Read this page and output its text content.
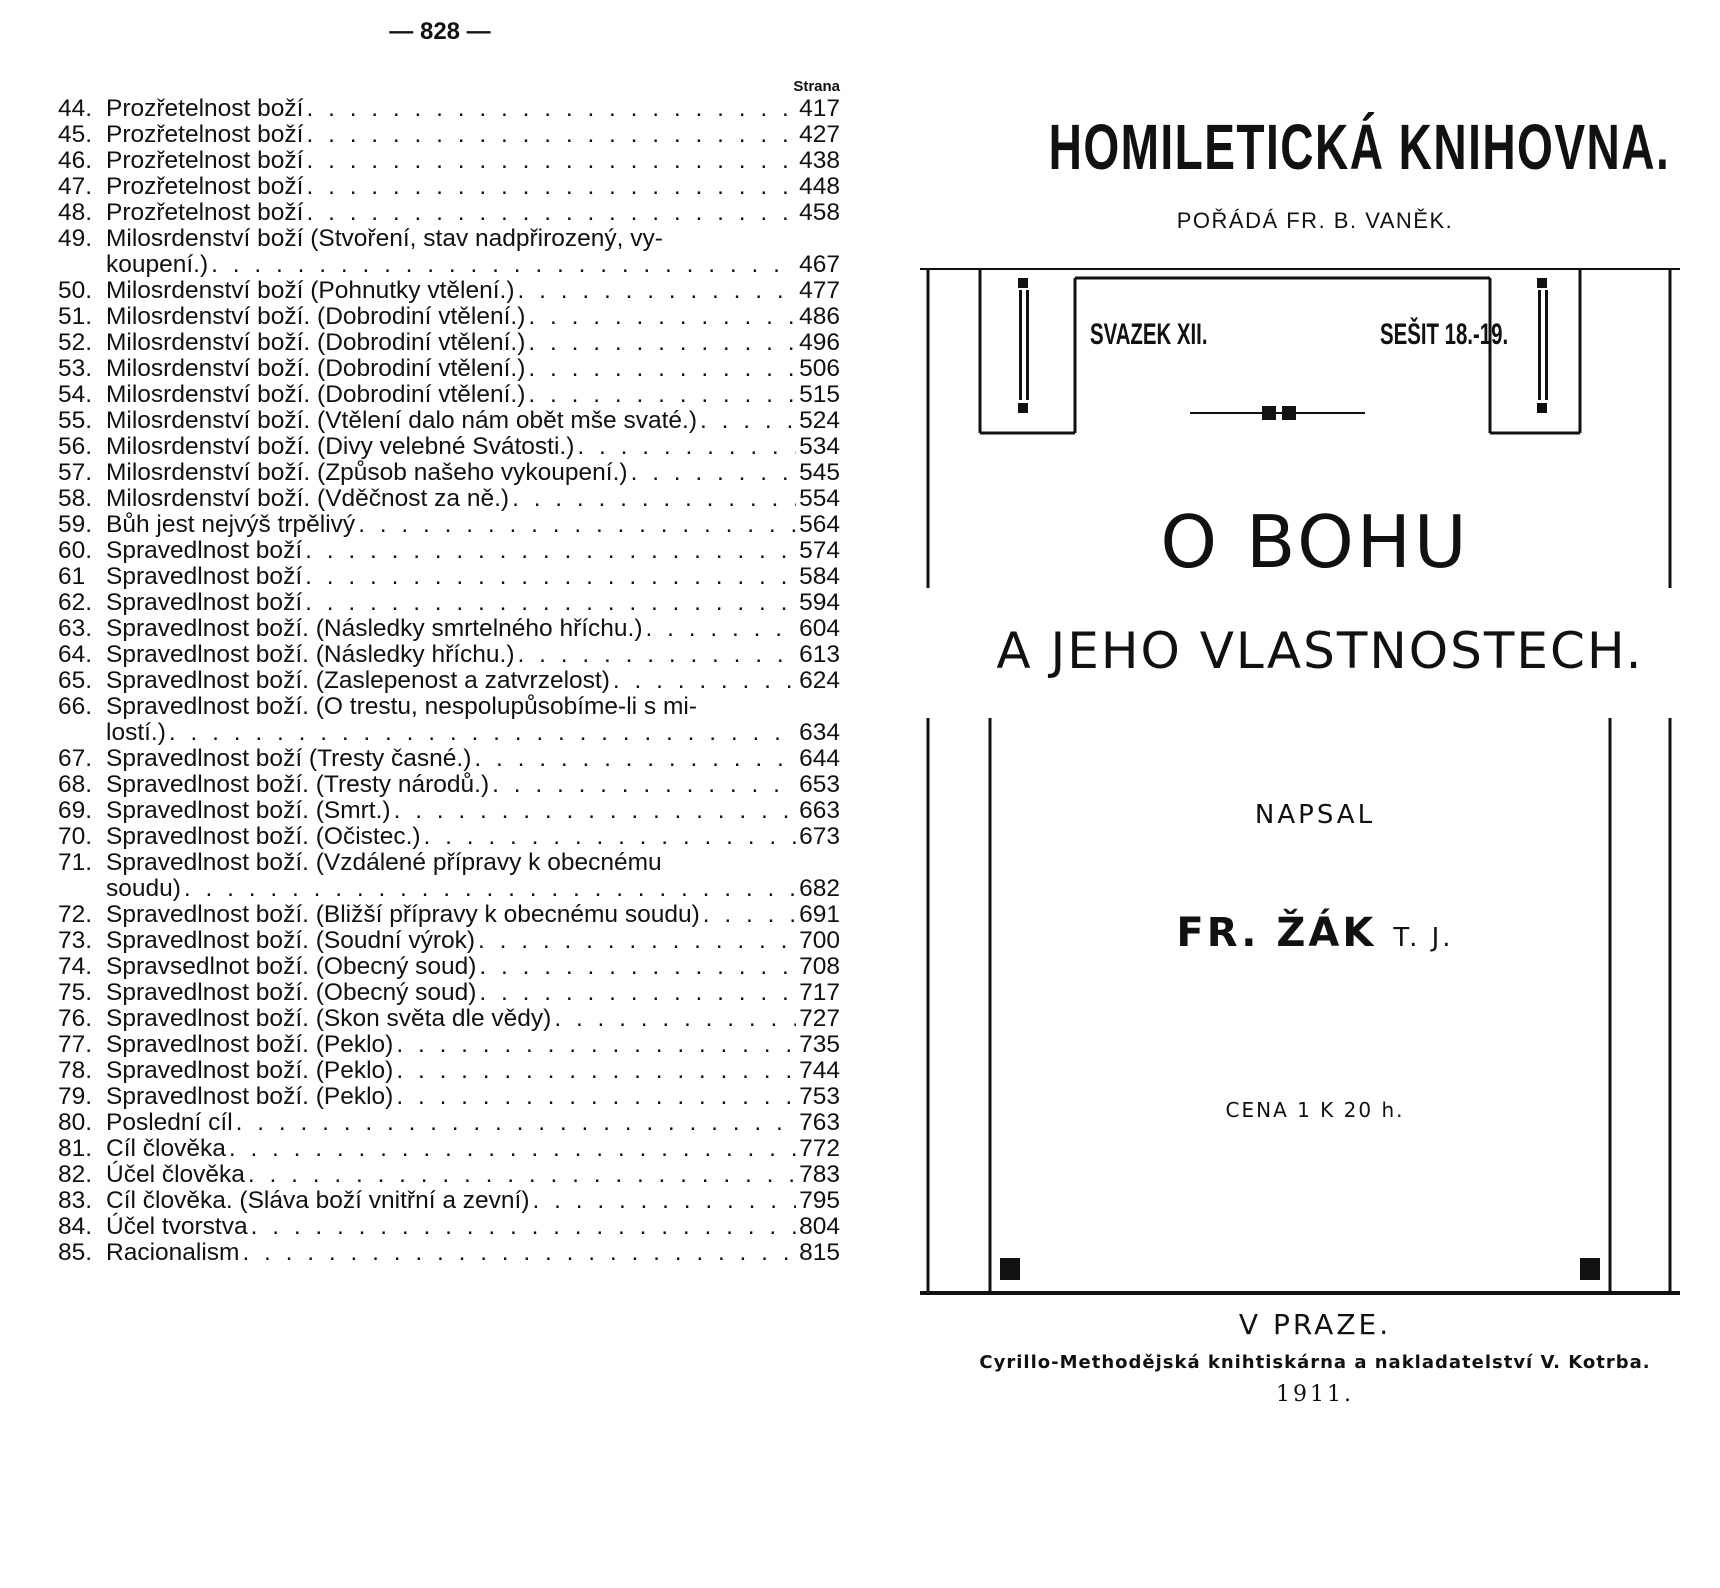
— 828 —
Strana
44. Prozřetelnost boží . . .	417
45. Prozřetelnost boží . . .	427
46. Prozřetelnost boží . . .	438
47. Prozřetelnost boží . . .	448
48. Prozřetelnost boží . . .	458
49. Milosrdenství boží (Stvoření, stav nadpřirozený, vy-
koupení.) . . .	467
50. Milosrdenství boží (Pohnutky vtělení.) . . .	477
51. Milosrdenství boží. (Dobrodiní vtělení.) . . .	486
52. Milosrdenství boží. (Dobrodiní vtělení.) . . .	496
53. Milosrdenství boží. (Dobrodiní vtělení.) . . .	506
54. Milosrdenství boží. (Dobrodiní vtělení.) . . .	515
55. Milosrdenství boží. (Vtělení dalo nám obět mše svaté.) . . .	524
56. Milosrdenství boží. (Divy velebné Svátosti.) . . .	534
57. Milosrdenství boží. (Způsob našeho vykoupení.) . . .	545
58. Milosrdenství boží. (Vděčnost za ně.) . . .	554
59. Bůh jest nejvýš trpělivý . . .	564
60. Spravedlnost boží . . .	574
61 Spravedlnost boží . . .	584
62. Spravedlnost boží . . .	594
63. Spravedlnost boží. (Následky smrtelného hříchu.) . . .	604
64. Spravedlnost boží. (Následky hříchu.) . . .	613
65. Spravedlnost boží. (Zaslepenost a zatvrzelost) . . .	624
66. Spravedlnost boží. (O trestu, nespolupůsobíme-li s mi-
lostí.) . . .	634
67. Spravedlnost boží (Tresty časné.) . . .	644
68. Spravedlnost boží. (Tresty národů.) . . .	653
69. Spravedlnost boží. (Smrt.) . . .	663
70. Spravedlnost boží. (Očistec.) . . .	673
71. Spravedlnost boží. (Vzdálené přípravy k obecnému
soudu) . . .	682
72. Spravedlnost boží. (Bližší přípravy k obecnému soudu) . . .	691
73. Spravedlnost boží. (Soudní výrok) . . .	700
74. Spravsedlnot boží. (Obecný soud) . . .	708
75. Spravedlnost boží. (Obecný soud) . . .	717
76. Spravedlnost boží. (Skon světa dle vědy) . . .	727
77. Spravedlnost boží. (Peklo) . . .	735
78. Spravedlnost boží. (Peklo) . . .	744
79. Spravedlnost boží. (Peklo) . . .	753
80. Poslední cíl . . .	763
81. Cíl člověka . . .	772
82. Účel člověka . . .	783
83. Cíl člověka. (Sláva boží vnitřní a zevní) . . .	795
84. Účel tvorstva . . .	804
85. Racionalism . . .	815
HOMILETICKÁ KNIHOVNA.
POŘÁDÁ FR. B. VANĚK.
SVAZEK XII.	SEŠIT 18.-19.
O BOHU
A JEHO VLASTNOSTECH.
NAPSAL
FR. ŽÁK T. J.
CENA 1 K 20 h.
V PRAZE.
Cyrillo-Methodějská knihtiskárna a nakladatelství V. Kotrba.
1911.
